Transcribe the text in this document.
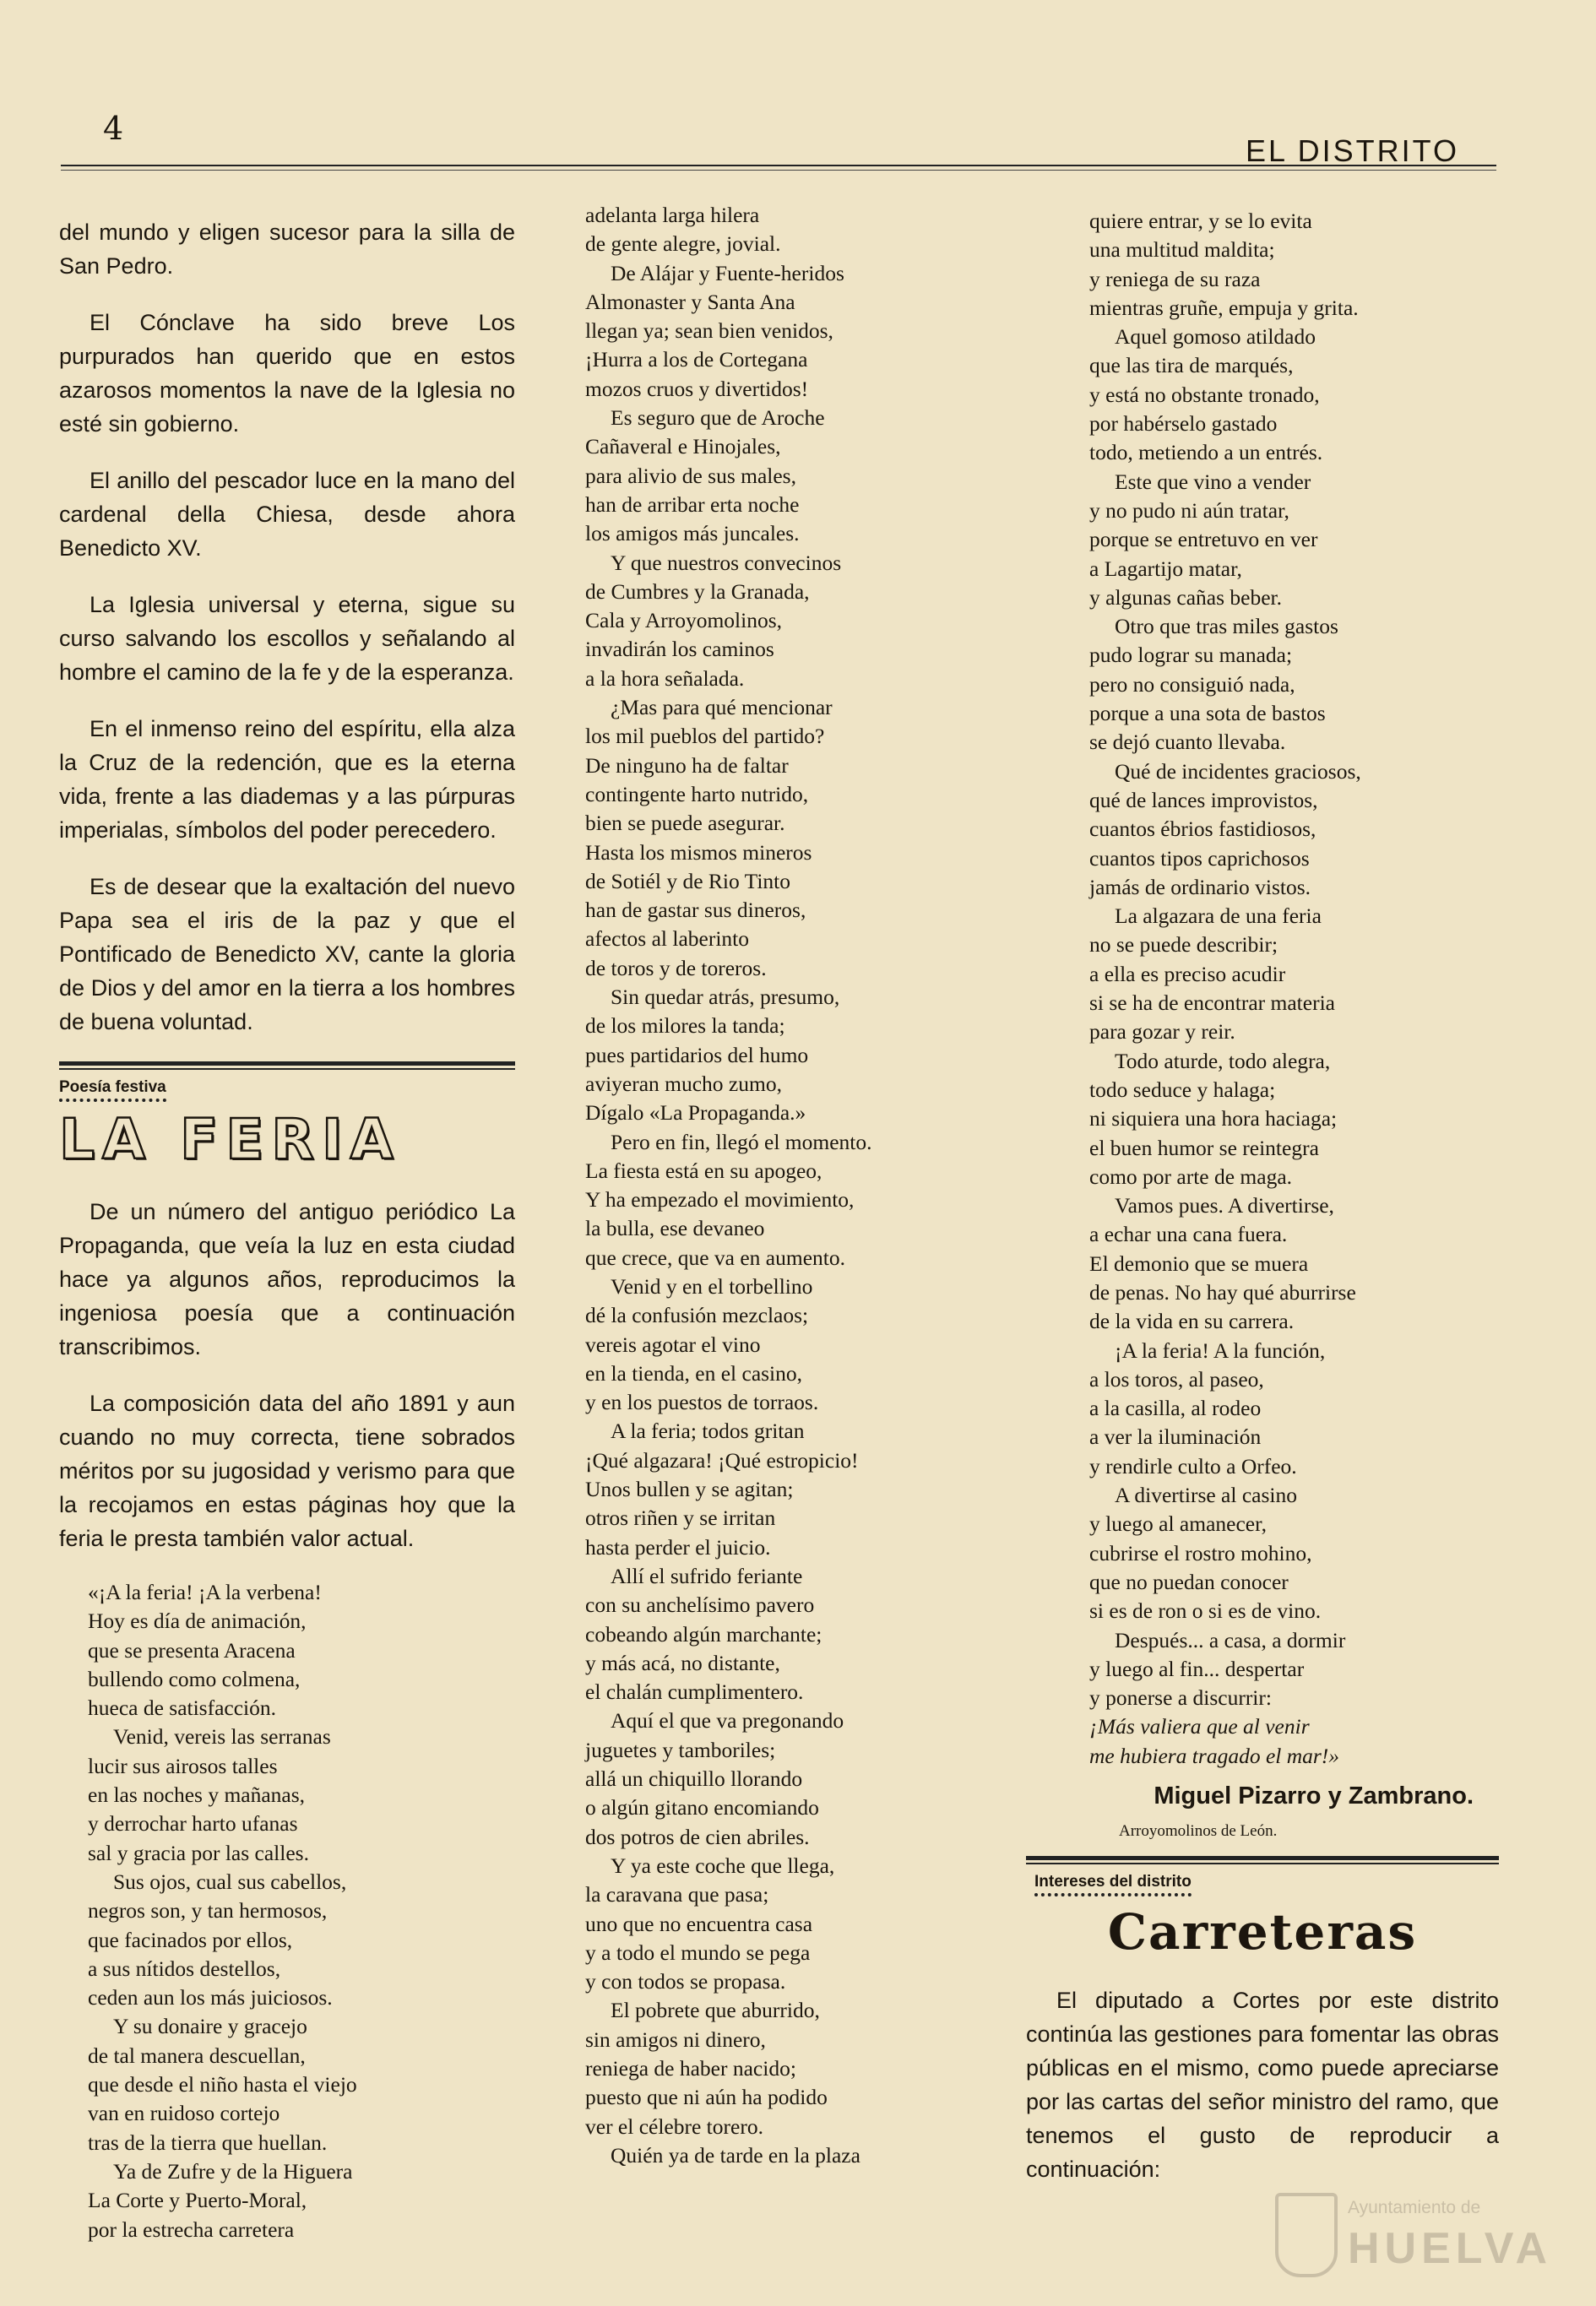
4
EL DISTRITO

del mundo y eligen sucesor para la silla de San Pedro.

El Cónclave ha sido breve Los purpurados han querido que en estos azarosos momentos la nave de la Iglesia no esté sin gobierno.

El anillo del pescador luce en la mano del cardenal della Chiesa, desde ahora Benedicto XV.

La Iglesia universal y eterna, sigue su curso salvando los escollos y señalando al hombre el camino de la fe y de la esperanza.

En el inmenso reino del espíritu, ella alza la Cruz de la redención, que es la eterna vida, frente a las diademas y a las púrpuras imperialas, símbolos del poder perecedero.

Es de desear que la exaltación del nuevo Papa sea el iris de la paz y que el Pontificado de Benedicto XV, cante la gloria de Dios y del amor en la tierra a los hombres de buena voluntad.

Poesía festiva
LA FERIA

De un número del antiguo periódico La Propaganda, que veía la luz en esta ciudad hace ya algunos años, reproducimos la ingeniosa poesía que a continuación transcribimos.

La composición data del año 1891 y aun cuando no muy correcta, tiene sobrados méritos por su jugosidad y verismo para que la recojamos en estas páginas hoy que la feria le presta también valor actual.

«¡A la feria! ¡A la verbena!
Hoy es día de animación,
que se presenta Aracena
bullendo como colmena,
hueca de satisfacción.
Venid, vereis las serranas
lucir sus airosos talles
en las noches y mañanas,
y derrochar harto ufanas
sal y gracia por las calles.
Sus ojos, cual sus cabellos,
negros son, y tan hermosos,
que facinados por ellos,
a sus nítidos destellos,
ceden aun los más juiciosos.
Y su donaire y gracejo
de tal manera descuellan,
que desde el niño hasta el viejo
van en ruidoso cortejo
tras de la tierra que huellan.
Ya de Zufre y de la Higuera
La Corte y Puerto-Moral,
por la estrecha carretera
adelanta larga hilera
de gente alegre, jovial.
De Alájar y Fuente-heridos
Almonaster y Santa Ana
llegan ya; sean bien venidos,
¡Hurra a los de Cortegana
mozos cruos y divertidos!
Es seguro que de Aroche
Cañaveral e Hinojales,
para alivio de sus males,
han de arribar erta noche
los amigos más juncales.
Y que nuestros convecinos
de Cumbres y la Granada,
Cala y Arroyomolinos,
invadirán los caminos
a la hora señalada.
¿Mas para qué mencionar
los mil pueblos del partido?
De ninguno ha de faltar
contingente harto nutrido,
bien se puede asegurar.
Hasta los mismos mineros
de Sotiél y de Rio Tinto
han de gastar sus dineros,
afectos al laberinto
de toros y de toreros.
Sin quedar atrás, presumo,
de los milores la tanda;
pues partidarios del humo
aviyeran mucho zumo,
Dígalo «La Propaganda.»
Pero en fin, llegó el momento.
La fiesta está en su apogeo,
Y ha empezado el movimiento,
la bulla, ese devaneo
que crece, que va en aumento.
Venid y en el torbellino
dé la confusión mezclaos;
vereis agotar el vino
en la tienda, en el casino,
y en los puestos de torraos.
A la feria; todos gritan
¡Qué algazara! ¡Qué estropicio!
Unos bullen y se agitan;
otros riñen y se irritan
hasta perder el juicio.
Allí el sufrido feriante
con su anchelísimo pavero
cobeando algún marchante;
y más acá, no distante,
el chalán cumplimentero.
Aquí el que va pregonando
juguetes y tamboriles;
allá un chiquillo llorando
o algún gitano encomiando
dos potros de cien abriles.
Y ya este coche que llega,
la caravana que pasa;
uno que no encuentra casa
y a todo el mundo se pega
y con todos se propasa.
El pobrete que aburrido,
sin amigos ni dinero,
reniega de haber nacido;
puesto que ni aún ha podido
ver el célebre torero.
Quién ya de tarde en la plaza
quiere entrar, y se lo evita
una multitud maldita;
y reniega de su raza
mientras gruñe, empuja y grita.
Aquel gomoso atildado
que las tira de marqués,
y está no obstante tronado,
por habérselo gastado
todo, metiendo a un entrés.
Este que vino a vender
y no pudo ni aún tratar,
porque se entretuvo en ver
a Lagartijo matar,
y algunas cañas beber.
Otro que tras miles gastos
pudo lograr su manada;
pero no consiguió nada,
porque a una sota de bastos
se dejó cuanto llevaba.
Qué de incidentes graciosos,
qué de lances improvistos,
cuantos ébrios fastidiosos,
cuantos tipos caprichosos
jamás de ordinario vistos.
La algazara de una feria
no se puede describir;
a ella es preciso acudir
si se ha de encontrar materia
para gozar y reir.
Todo aturde, todo alegra,
todo seduce y halaga;
ni siquiera una hora haciaga;
el buen humor se reintegra
como por arte de maga.
Vamos pues. A divertirse,
a echar una cana fuera.
El demonio que se muera
de penas. No hay qué aburrirse
de la vida en su carrera.
¡A la feria! A la función,
a los toros, al paseo,
a la casilla, al rodeo
a ver la iluminación
y rendirle culto a Orfeo.
A divertirse al casino
y luego al amanecer,
cubrirse el rostro mohino,
que no puedan conocer
si es de ron o si es de vino.
Después... a casa, a dormir
y luego al fin... despertar
y ponerse a discurrir:
¡Más valiera que al venir
me hubiera tragado el mar!»
Miguel Pizarro y Zambrano.
Arroyomolinos de León.
Intereses del distrito
Carreteras

El diputado a Cortes por este distrito continúa las gestiones para fomentar las obras públicas en el mismo, como puede apreciarse por las cartas del señor ministro del ramo, que tenemos el gusto de reproducir a continuación:

Ayuntamiento de
HUELVA
